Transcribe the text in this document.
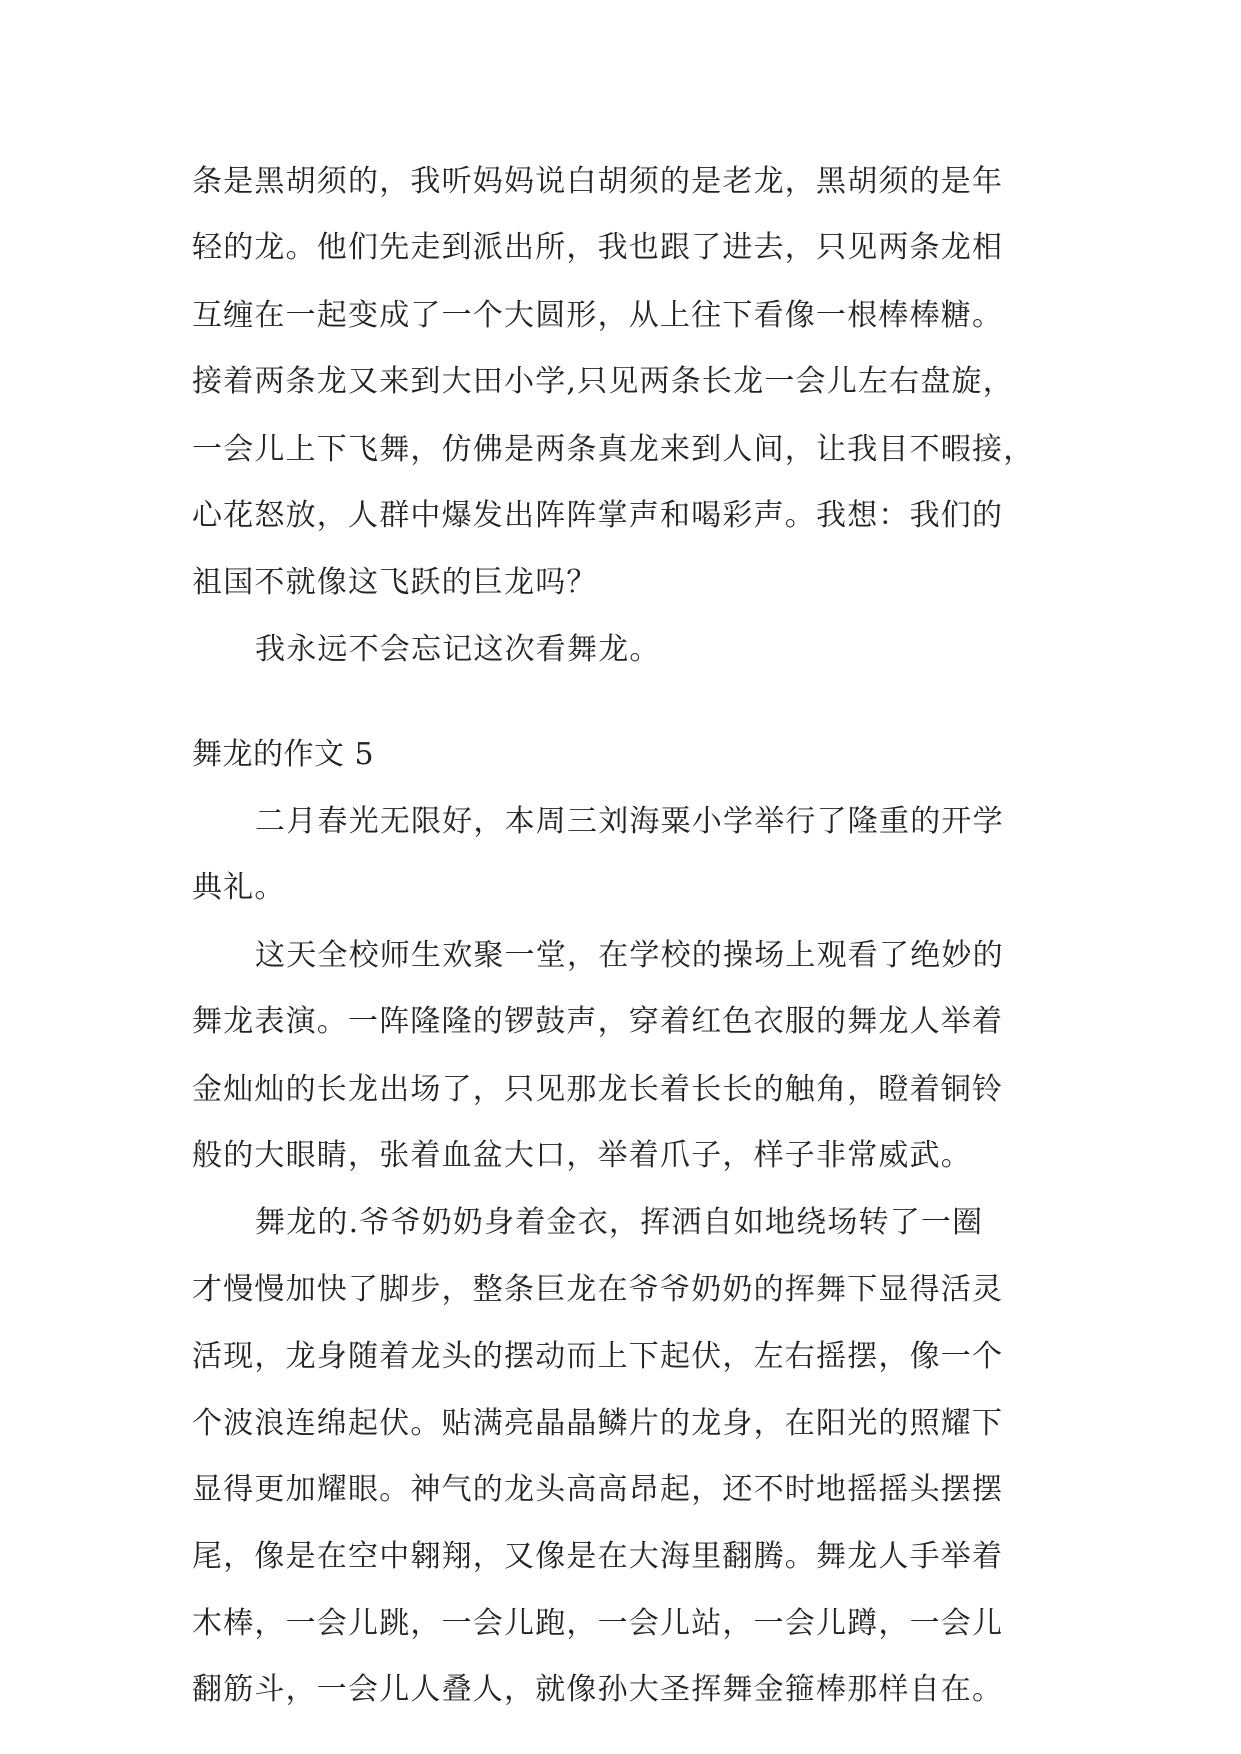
条是黑胡须的，我听妈妈说白胡须的是老龙，黑胡须的是年
轻的龙。他们先走到派出所，我也跟了进去，只见两条龙相
互缠在一起变成了一个大圆形，从上往下看像一根棒棒糖。
接着两条龙又来到大田小学,只见两条长龙一会儿左右盘旋，
一会儿上下飞舞，仿佛是两条真龙来到人间，让我目不暇接，
心花怒放，人群中爆发出阵阵掌声和喝彩声。我想：我们的
祖国不就像这飞跃的巨龙吗？
我永远不会忘记这次看舞龙。
舞龙的作文 5
二月春光无限好，本周三刘海粟小学举行了隆重的开学
典礼。
这天全校师生欢聚一堂，在学校的操场上观看了绝妙的
舞龙表演。一阵隆隆的锣鼓声，穿着红色衣服的舞龙人举着
金灿灿的长龙出场了，只见那龙长着长长的触角，瞪着铜铃
般的大眼睛，张着血盆大口，举着爪子，样子非常威武。
舞龙的.爷爷奶奶身着金衣，挥洒自如地绕场转了一圈
才慢慢加快了脚步，整条巨龙在爷爷奶奶的挥舞下显得活灵
活现，龙身随着龙头的摆动而上下起伏，左右摇摆，像一个
个波浪连绵起伏。贴满亮晶晶鳞片的龙身，在阳光的照耀下
显得更加耀眼。神气的龙头高高昂起，还不时地摇摇头摆摆
尾，像是在空中翱翔，又像是在大海里翻腾。舞龙人手举着
木棒，一会儿跳，一会儿跑，一会儿站，一会儿蹲，一会儿
翻筋斗，一会儿人叠人，就像孙大圣挥舞金箍棒那样自在。
